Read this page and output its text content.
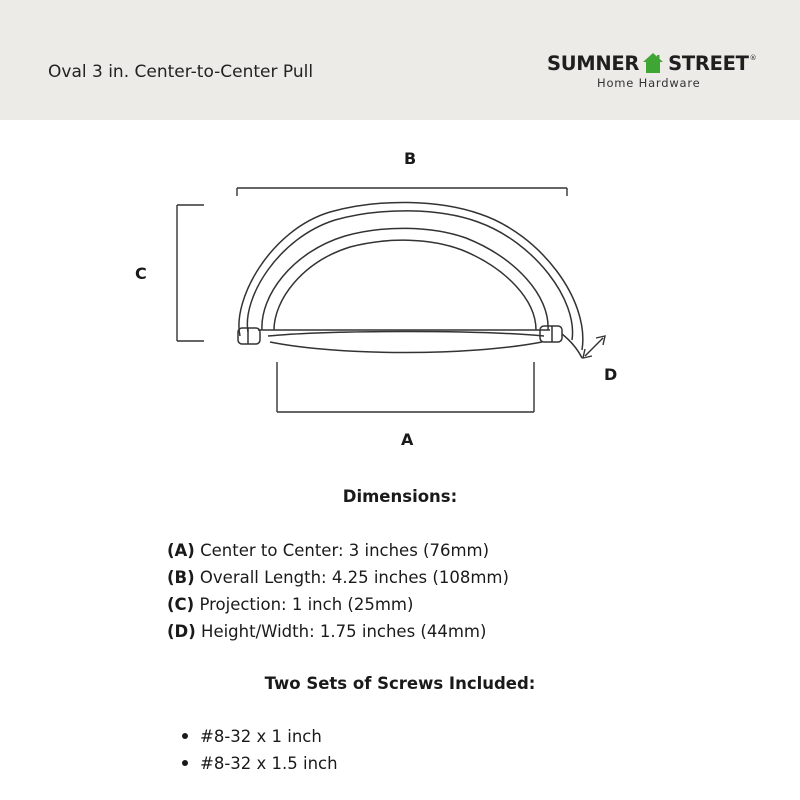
Oval 3 in. Center-to-Center Pull	SUMNER STREET ®
Home Hardware
B
C
D
A
Dimensions:
(A) Center to Center: 3 inches (76mm)
(B) Overall Length: 4.25 inches (108mm)
(C) Projection: 1 inch (25mm)
(D) Height/Width: 1.75 inches (44mm)
Two Sets of Screws Included:
#8-32 x 1 inch
#8-32 x 1.5 inch
